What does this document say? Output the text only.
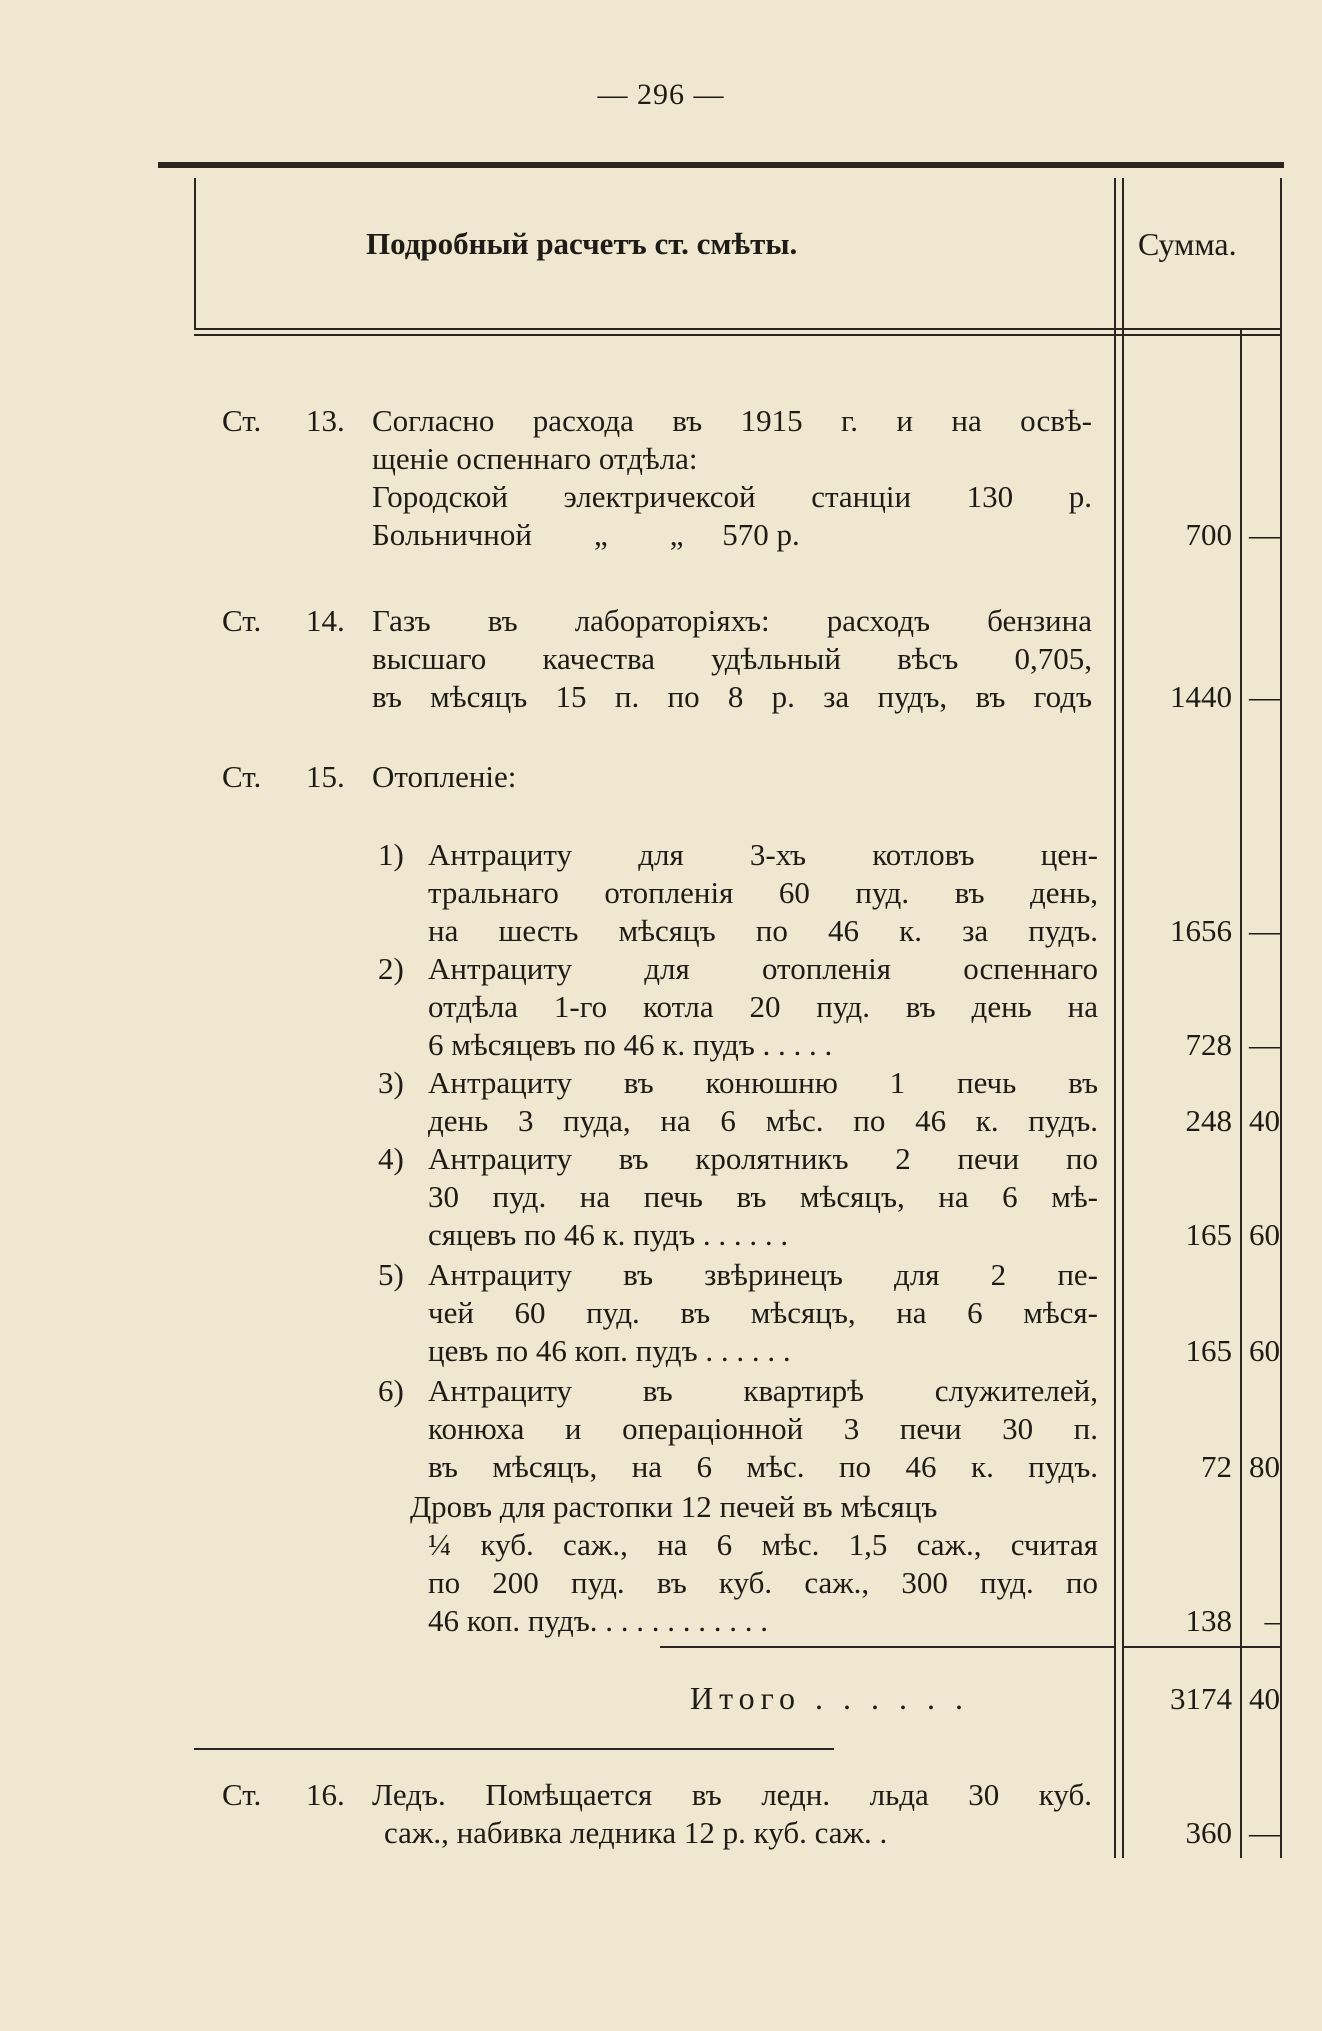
— 296 —
Подробный расчетъ ст. смѣты.	Сумма.
Ст. 13. Согласно расхода въ 1915 г. и на освѣ-
щеніе оспеннаго отдѣла:
Городской электричексой станціи 130 р.
Больничной        „        „     570 р.	700 —
Ст. 14. Газъ въ лабораторіяхъ: расходъ бензина
высшаго качества удѣльный вѣсъ 0,705,
въ мѣсяцъ 15 п. по 8 р. за пудъ, въ годъ	1440 —
Ст. 15. Отопленіе:
1) Антрациту для 3-хъ котловъ цен-
тральнаго отопленія 60 пуд. въ день,
на шесть мѣсяцъ по 46 к. за пудъ.	1656 —
2) Антрациту для отопленія оспеннаго
отдѣла 1-го котла 20 пуд. въ день на
6 мѣсяцевъ по 46 к. пудъ . . . . .	728 —
3) Антрациту въ конюшню 1 печь въ
день 3 пуда, на 6 мѣс. по 46 к. пудъ.	248 40
4) Антрациту въ кролятникъ 2 печи по
30 пуд. на печь въ мѣсяцъ, на 6 мѣ-
сяцевъ по 46 к. пудъ . . . . . .	165 60
5) Антрациту въ звѣринецъ для 2 пе-
чей 60 пуд. въ мѣсяцъ, на 6 мѣся-
цевъ по 46 коп. пудъ . . . . . .	165 60
6) Антрациту въ квартирѣ служителей,
конюха и операціонной 3 печи 30 п.
въ мѣсяцъ, на 6 мѣс. по 46 к. пудъ.	72 80
Дровъ для растопки 12 печей въ мѣсяцъ
¼ куб. саж., на 6 мѣс. 1,5 саж., считая
по 200 пуд. въ куб. саж., 300 пуд. по
46 коп. пудъ. . . . . . . . . . . .	138	–
Итого . . . . . .	3174 40
Ст. 16. Ледъ. Помѣщается въ ледн. льда 30 куб.
саж., набивка ледника 12 р. куб. саж. .	360 —
